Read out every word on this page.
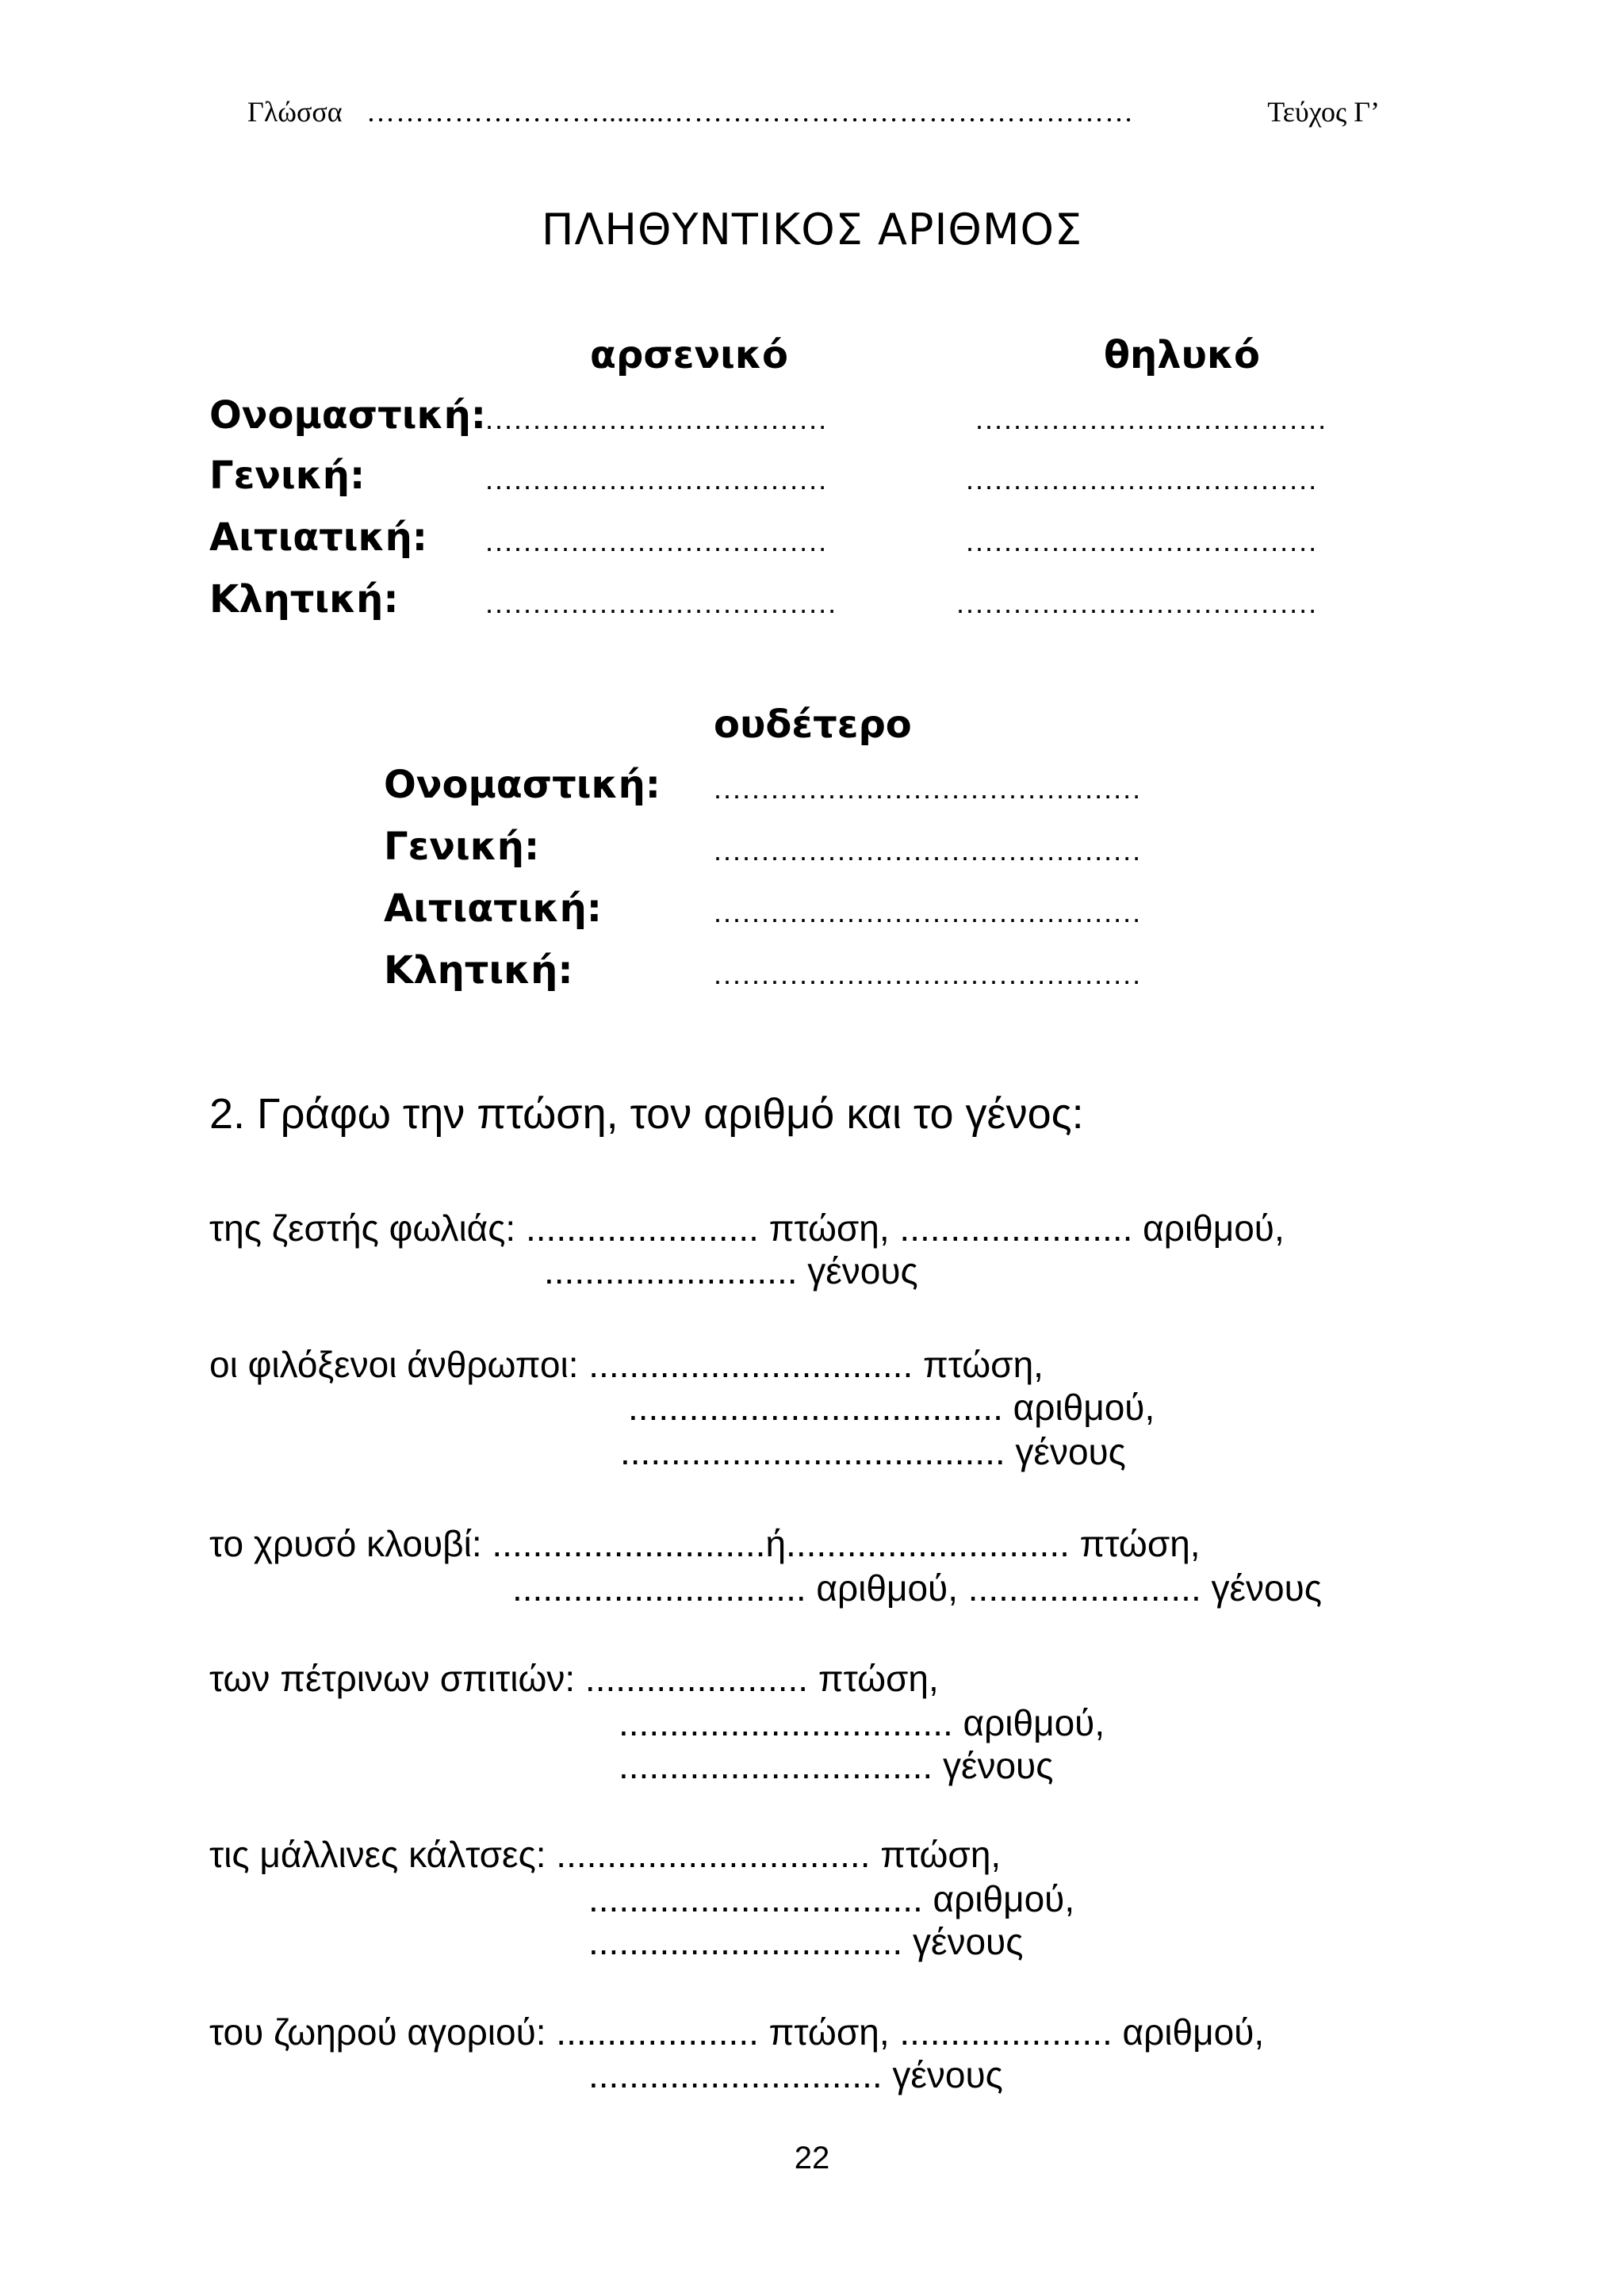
Γλώσσα ……………………........…………………………………………	Τεύχος Γ’
ΠΛΗΘΥΝΤΙΚΟΣ ΑΡΙΘΜΟΣ
αρσενικό	θηλυκό
Ονομαστική: ....................................	.....................................
Γενική:	....................................	.....................................
Αιτιατική: ....................................	.....................................
Κλητική:	.....................................	......................................
ουδέτερο
Ονομαστική: .............................................
Γενική:	.............................................
Αιτιατική:	.............................................
Κλητική:	.............................................
2. Γράφω την πτώση, τον αριθμό και το γένος:
της ζεστής φωλιάς: ....................... πτώση, ....................... αριθμού,
......................... γένους
οι φιλόξενοι άνθρωποι: ................................ πτώση,
..................................... αριθμού,
...................................... γένους
το χρυσό κλουβί: ...........................ή............................ πτώση,
............................. αριθμού, ....................... γένους
των πέτρινων σπιτιών: ...................... πτώση,
................................. αριθμού,
............................... γένους
τις μάλλινες κάλτσες: ............................... πτώση,
................................. αριθμού,
............................... γένους
του ζωηρού αγοριού: .................... πτώση, ..................... αριθμού,
............................. γένους
22
